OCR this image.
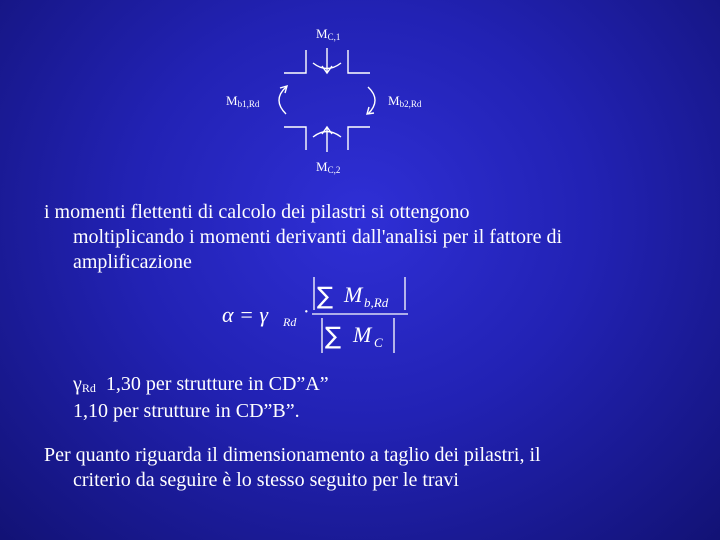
$M_{C,1}$
$M_{b1,Rd}$	$M_{b2,Rd}$
$M_{C,2}$
i momenti flettenti di calcolo dei pilastri si ottengono
moltiplicando i momenti derivanti dall'analisi per il fattore di
amplificazione
α = γ Rd ·
∑ M b,Rd
∑ M C
$\gamma_{Rd}$ 1,30 per strutture in CD”A”
1,10 per strutture in CD”B”.
Per quanto riguarda il dimensionamento a taglio dei pilastri, il
criterio da seguire è lo stesso seguito per le travi
